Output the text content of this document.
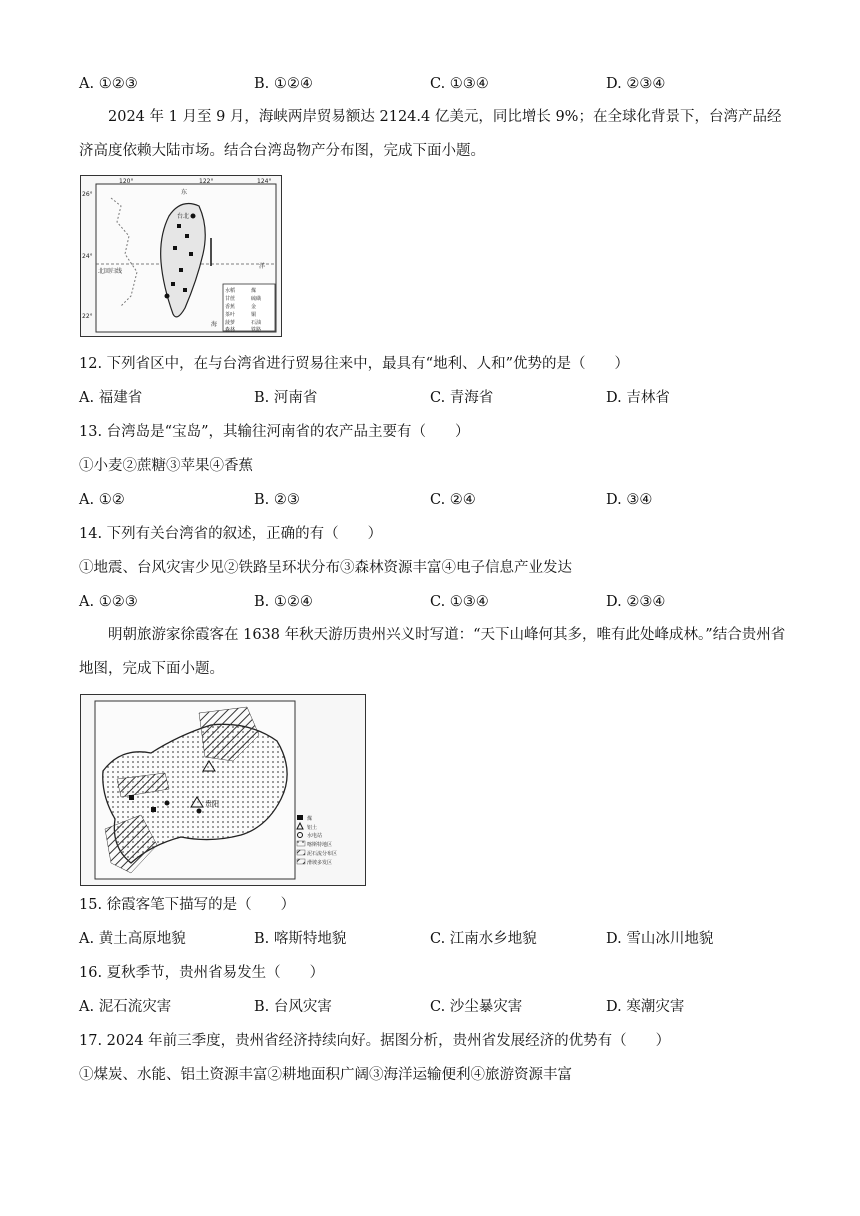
A. ①②③	B. ①②④	C. ①③④	D. ②③④
2024 年 1 月至 9 月，海峡两岸贸易额达 2124.4 亿美元，同比增长 9%；在全球化背景下，台湾产品经济高度依赖大陆市场。结合台湾岛物产分布图，完成下面小题。
水稻	煤
甘蔗	硫磺
香蕉	金
茶叶	铜
菠萝	石油
森林	铁路
120°	122°	124°
26°
24°
22°
台北
北回归线
东
洋
海
12. 下列省区中，在与台湾省进行贸易往来中，最具有“地利、人和”优势的是（　　）
A. 福建省	B. 河南省	C. 青海省	D. 吉林省
13. 台湾岛是“宝岛”，其输往河南省的农产品主要有（　　）
①小麦②蔗糖③苹果④香蕉
A. ①②	B. ②③	C. ②④	D. ③④
14. 下列有关台湾省的叙述，正确的有（　　）
①地震、台风灾害少见②铁路呈环状分布③森林资源丰富④电子信息产业发达
A. ①②③	B. ①②④	C. ①③④	D. ②③④
明朝旅游家徐霞客在 1638 年秋天游历贵州兴义时写道：“天下山峰何其多，唯有此处峰成林。”结合贵州省地图，完成下面小题。
贵阳
煤
铝土
水电站
喀斯特地区
泥石流分布区
滑坡多发区
15. 徐霞客笔下描写的是（　　）
A. 黄土高原地貌	B. 喀斯特地貌	C. 江南水乡地貌	D. 雪山冰川地貌
16. 夏秋季节，贵州省易发生（　　）
A. 泥石流灾害	B. 台风灾害	C. 沙尘暴灾害	D. 寒潮灾害
17. 2024 年前三季度，贵州省经济持续向好。据图分析，贵州省发展经济的优势有（　　）
①煤炭、水能、铝土资源丰富②耕地面积广阔③海洋运输便利④旅游资源丰富
